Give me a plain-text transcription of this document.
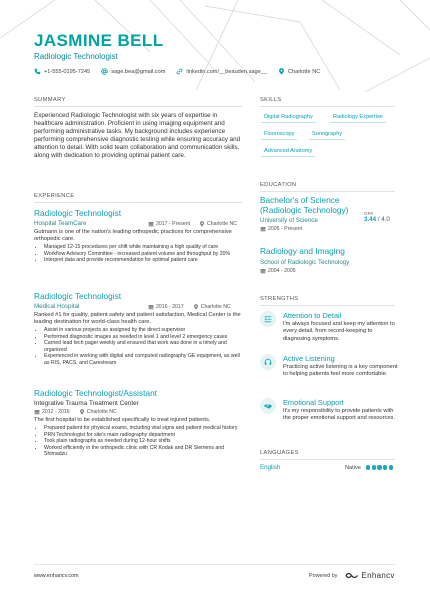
JASMINE BELL
Radiologic Technologist
+1-555-0195-7245	sage.bea@gmail.com	linkedin.com/__beauden.sage__	Charlotte NC
SUMMARY
Experienced Radiologic Technologist with six years of expertise in healthcare administration. Proficient in using imaging equipment and performing administrative tasks. My background includes experience performing comprehensive diagnostic testing while ensuring accuracy and attention to detail. With solid team collaboration and communication skills, along with dedication to providing optimal patient care.
EXPERIENCE
Radiologic Technologist
Hospital TeamCare	2017 - Present	Charlotte NC
Gutmann is one of the nation's leading orthopedic practices for comprehensive orthopedic care.
• Managed 12-15 procedures per shift while maintaining a high quality of care
• Workflow Advisory Committee - increased patient volume and throughput by 20%
• Interpret data and provide recommendation for optimal patient care
Radiologic Technologist
Medical Hospital	2016 - 2017	Charlotte NC
Ranked #1 for quality, patient safety and patient satisfaction, Medical Center is the leading destination for world-class health care.
• Assist in various projects as assigned by the direct supervisor
• Performed diagnostic images as needed in level 1 and level 2 emergency cases
• Carried lead tech pager weekly and ensured that work was done in a timely and organized
• Experienced in working with digital and computed radiography GE equipment, as well as RIS, PACS, and Carestream
Radiologic Technologist/Assistant
Integrative Trauma Treatment Center
2012 - 2016	Charlotte NC
The first hospital to be established specifically to treat injured patients.
• Prepared patient for physical exams, including vital signs and patient medical history
• PRN Technologist for site's main radiography department
• Took plain radiographs as needed during 12-hour shifts
• Worked efficiently in the orthopedic clinic with CR Kodak and DR Siemens and Shimadzu
SKILLS
Digital Radiography	Radiology Expertise
Fluoroscopy	Sonography
Advanced Anatomy
EDUCATION
Bachelor's of Science
(Radiologic Technology)
University of Science
2005 - Present
GPA
3.44 / 4.0
Radiology and Imaging
School of Radiologic Technology
2004 - 2005
STRENGTHS
Attention to Detail
I'm always focused and keep my attention to every detail, from record-keeping to diagnosing symptoms.
Active Listening
Practicing active listening is a key component to helping patients feel more comfortable.
Emotional Support
It's my responsibility to provide patients with the proper emotional support and resources.
LANGUAGES
English	Native
www.enhancv.com	Powered by	Enhancv
